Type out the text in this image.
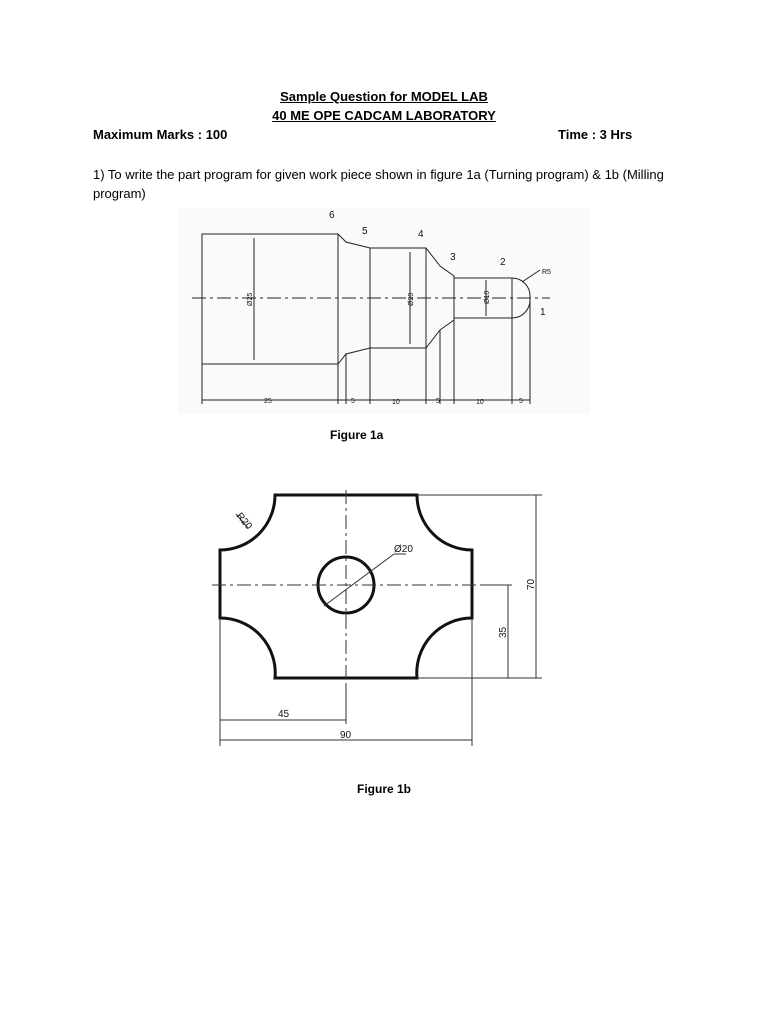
Sample Question for MODEL LAB
40 ME OPE CADCAM LABORATORY
Maximum Marks : 100	Time : 3 Hrs
1) To write the part program for given work piece shown in figure 1a (Turning program) & 1b (Milling program)
1
2
3
4
5
6
R5
Ø25	Ø20	Ø10
25	5	10	5	10	5
Figure 1a
R20
Ø20
70
35
45
90
Figure 1b
